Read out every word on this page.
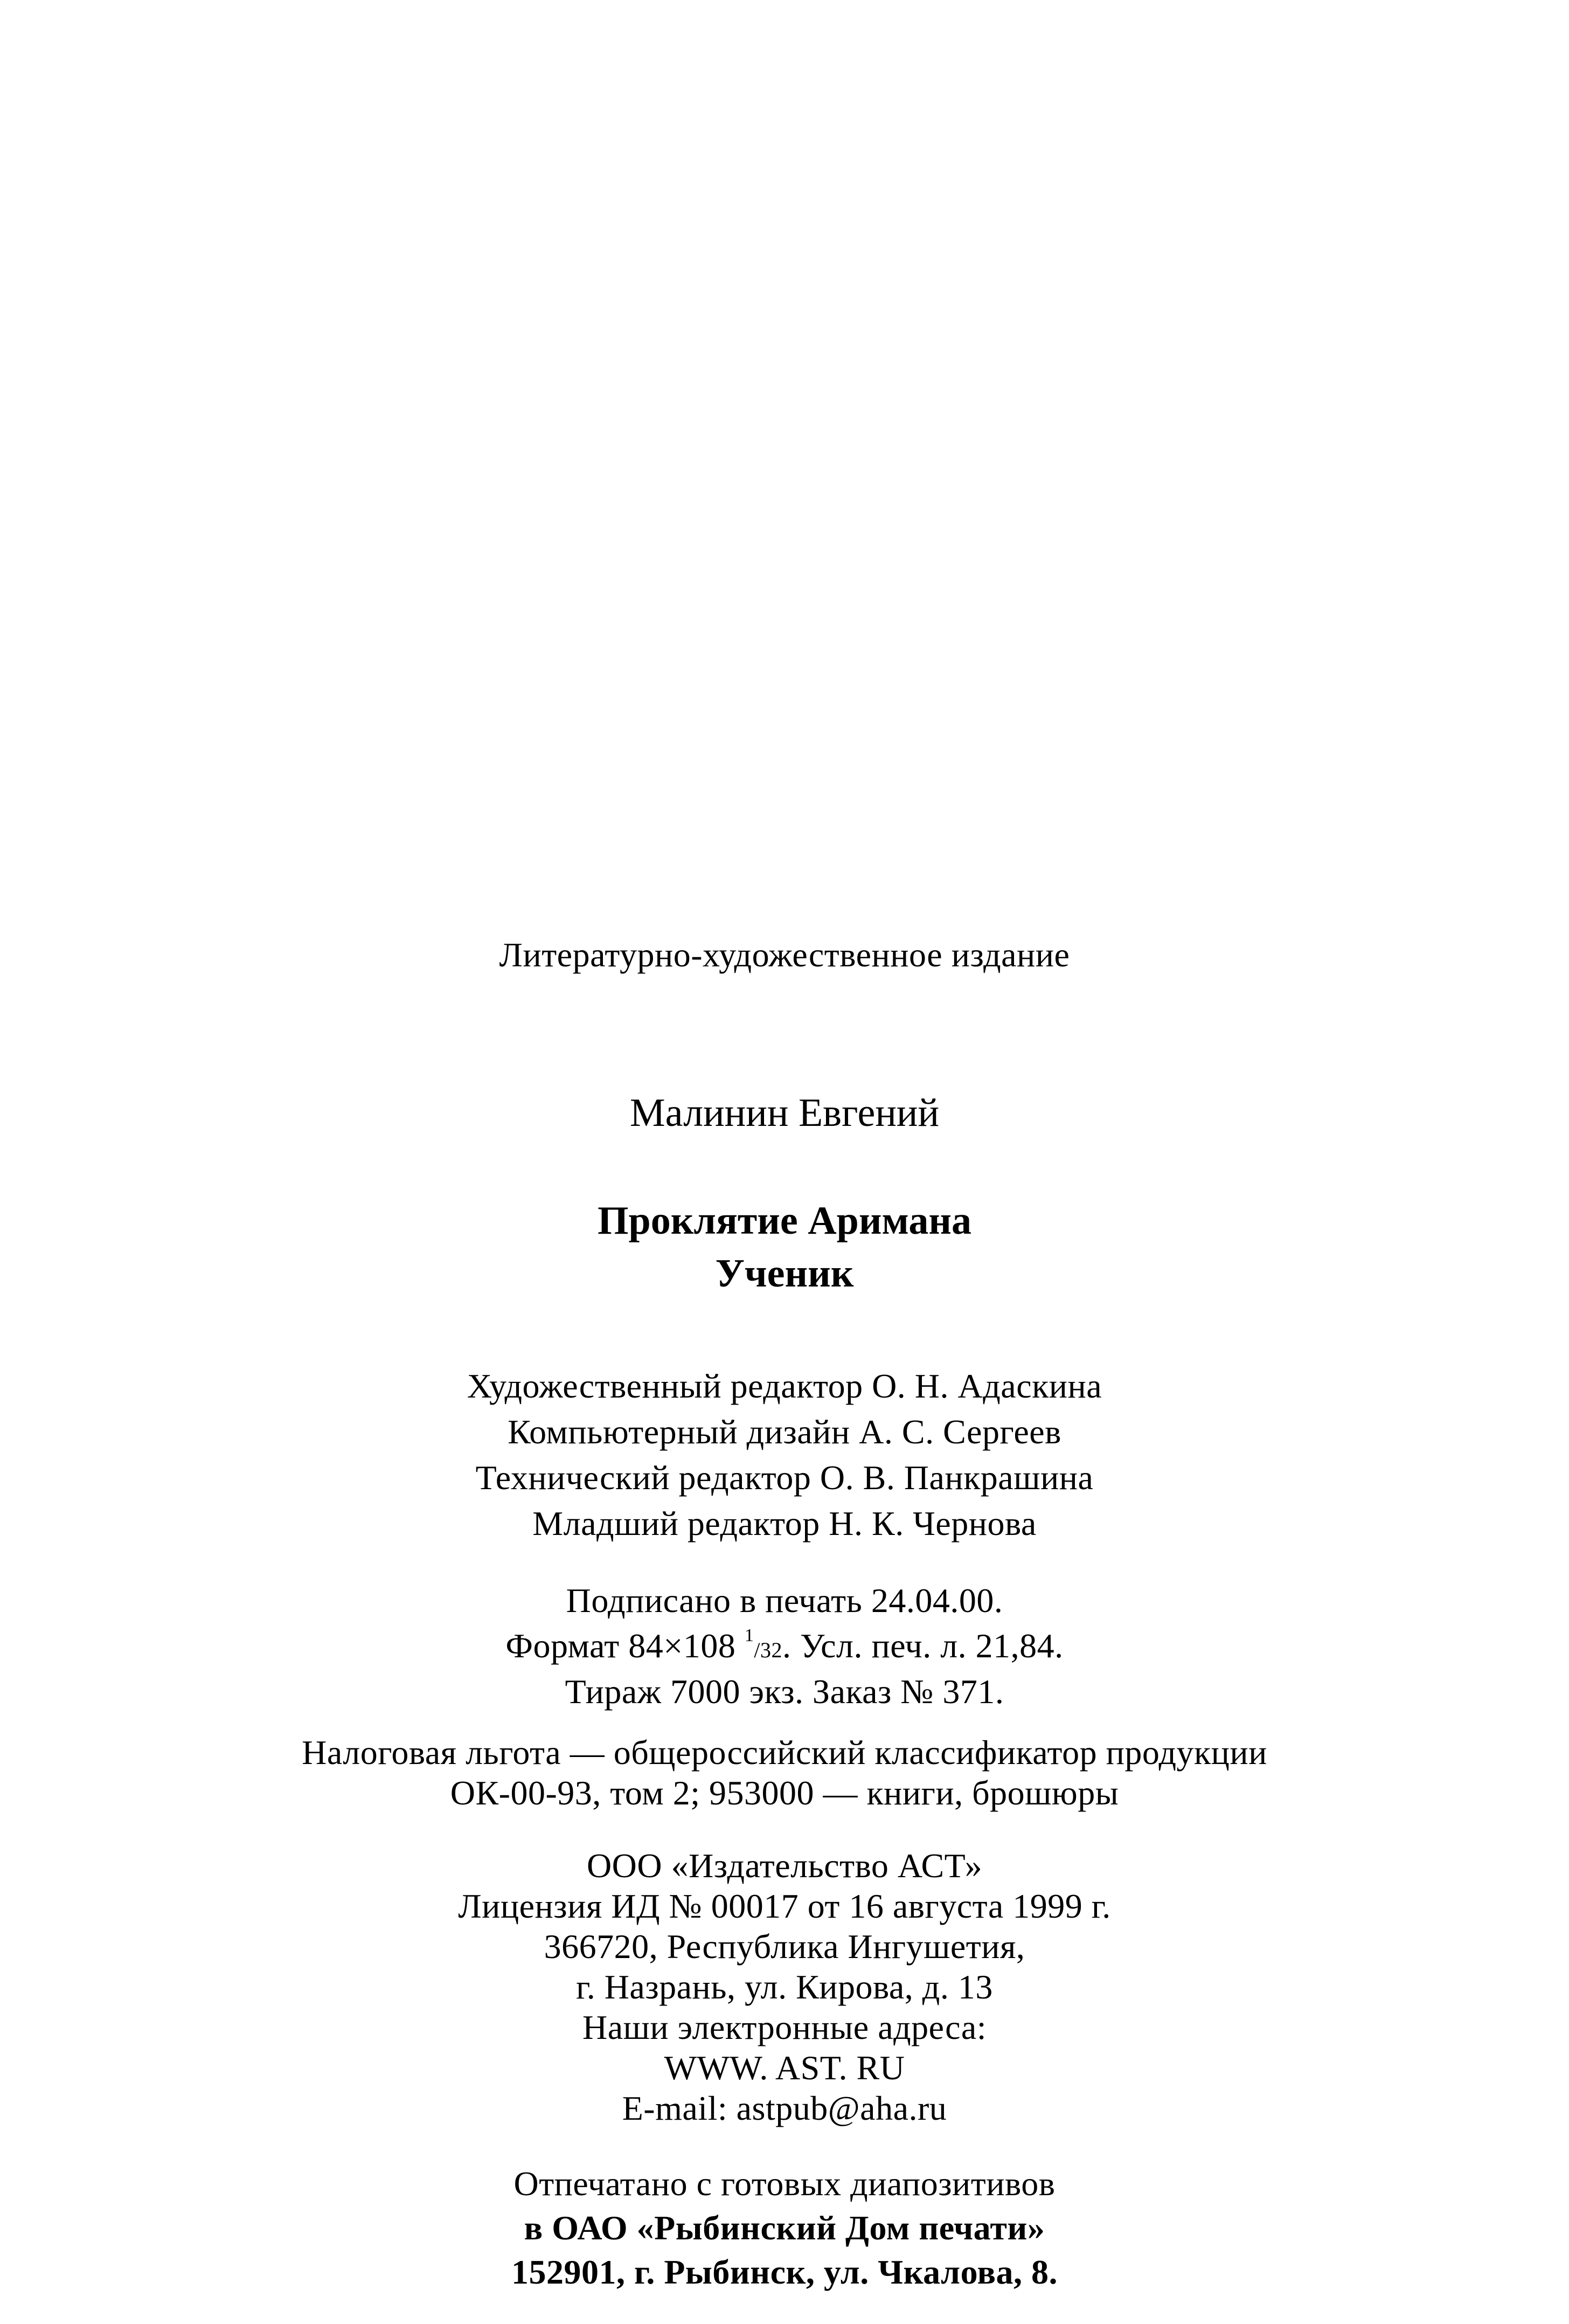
Литературно-художественное издание
Малинин Евгений
Проклятие Аримана
Ученик
Художественный редактор О. Н. Адаскина
Компьютерный дизайн А. С. Сергеев
Технический редактор О. В. Панкрашина
Младший редактор Н. К. Чернова
Подписано в печать 24.04.00.
Формат 84×108 $^1$/32. Усл. печ. л. 21,84.
Тираж 7000 экз. Заказ № 371.
Налоговая льгота — общероссийский классификатор продукции
ОК-00-93, том 2; 953000 — книги, брошюры
ООО «Издательство АСТ»
Лицензия ИД № 00017 от 16 августа 1999 г.
366720, Республика Ингушетия,
г. Назрань, ул. Кирова, д. 13
Наши электронные адреса:
WWW. AST. RU
E-mail: astpub@aha.ru
Отпечатано с готовых диапозитивов
в ОАО «Рыбинский Дом печати»
152901, г. Рыбинск, ул. Чкалова, 8.
